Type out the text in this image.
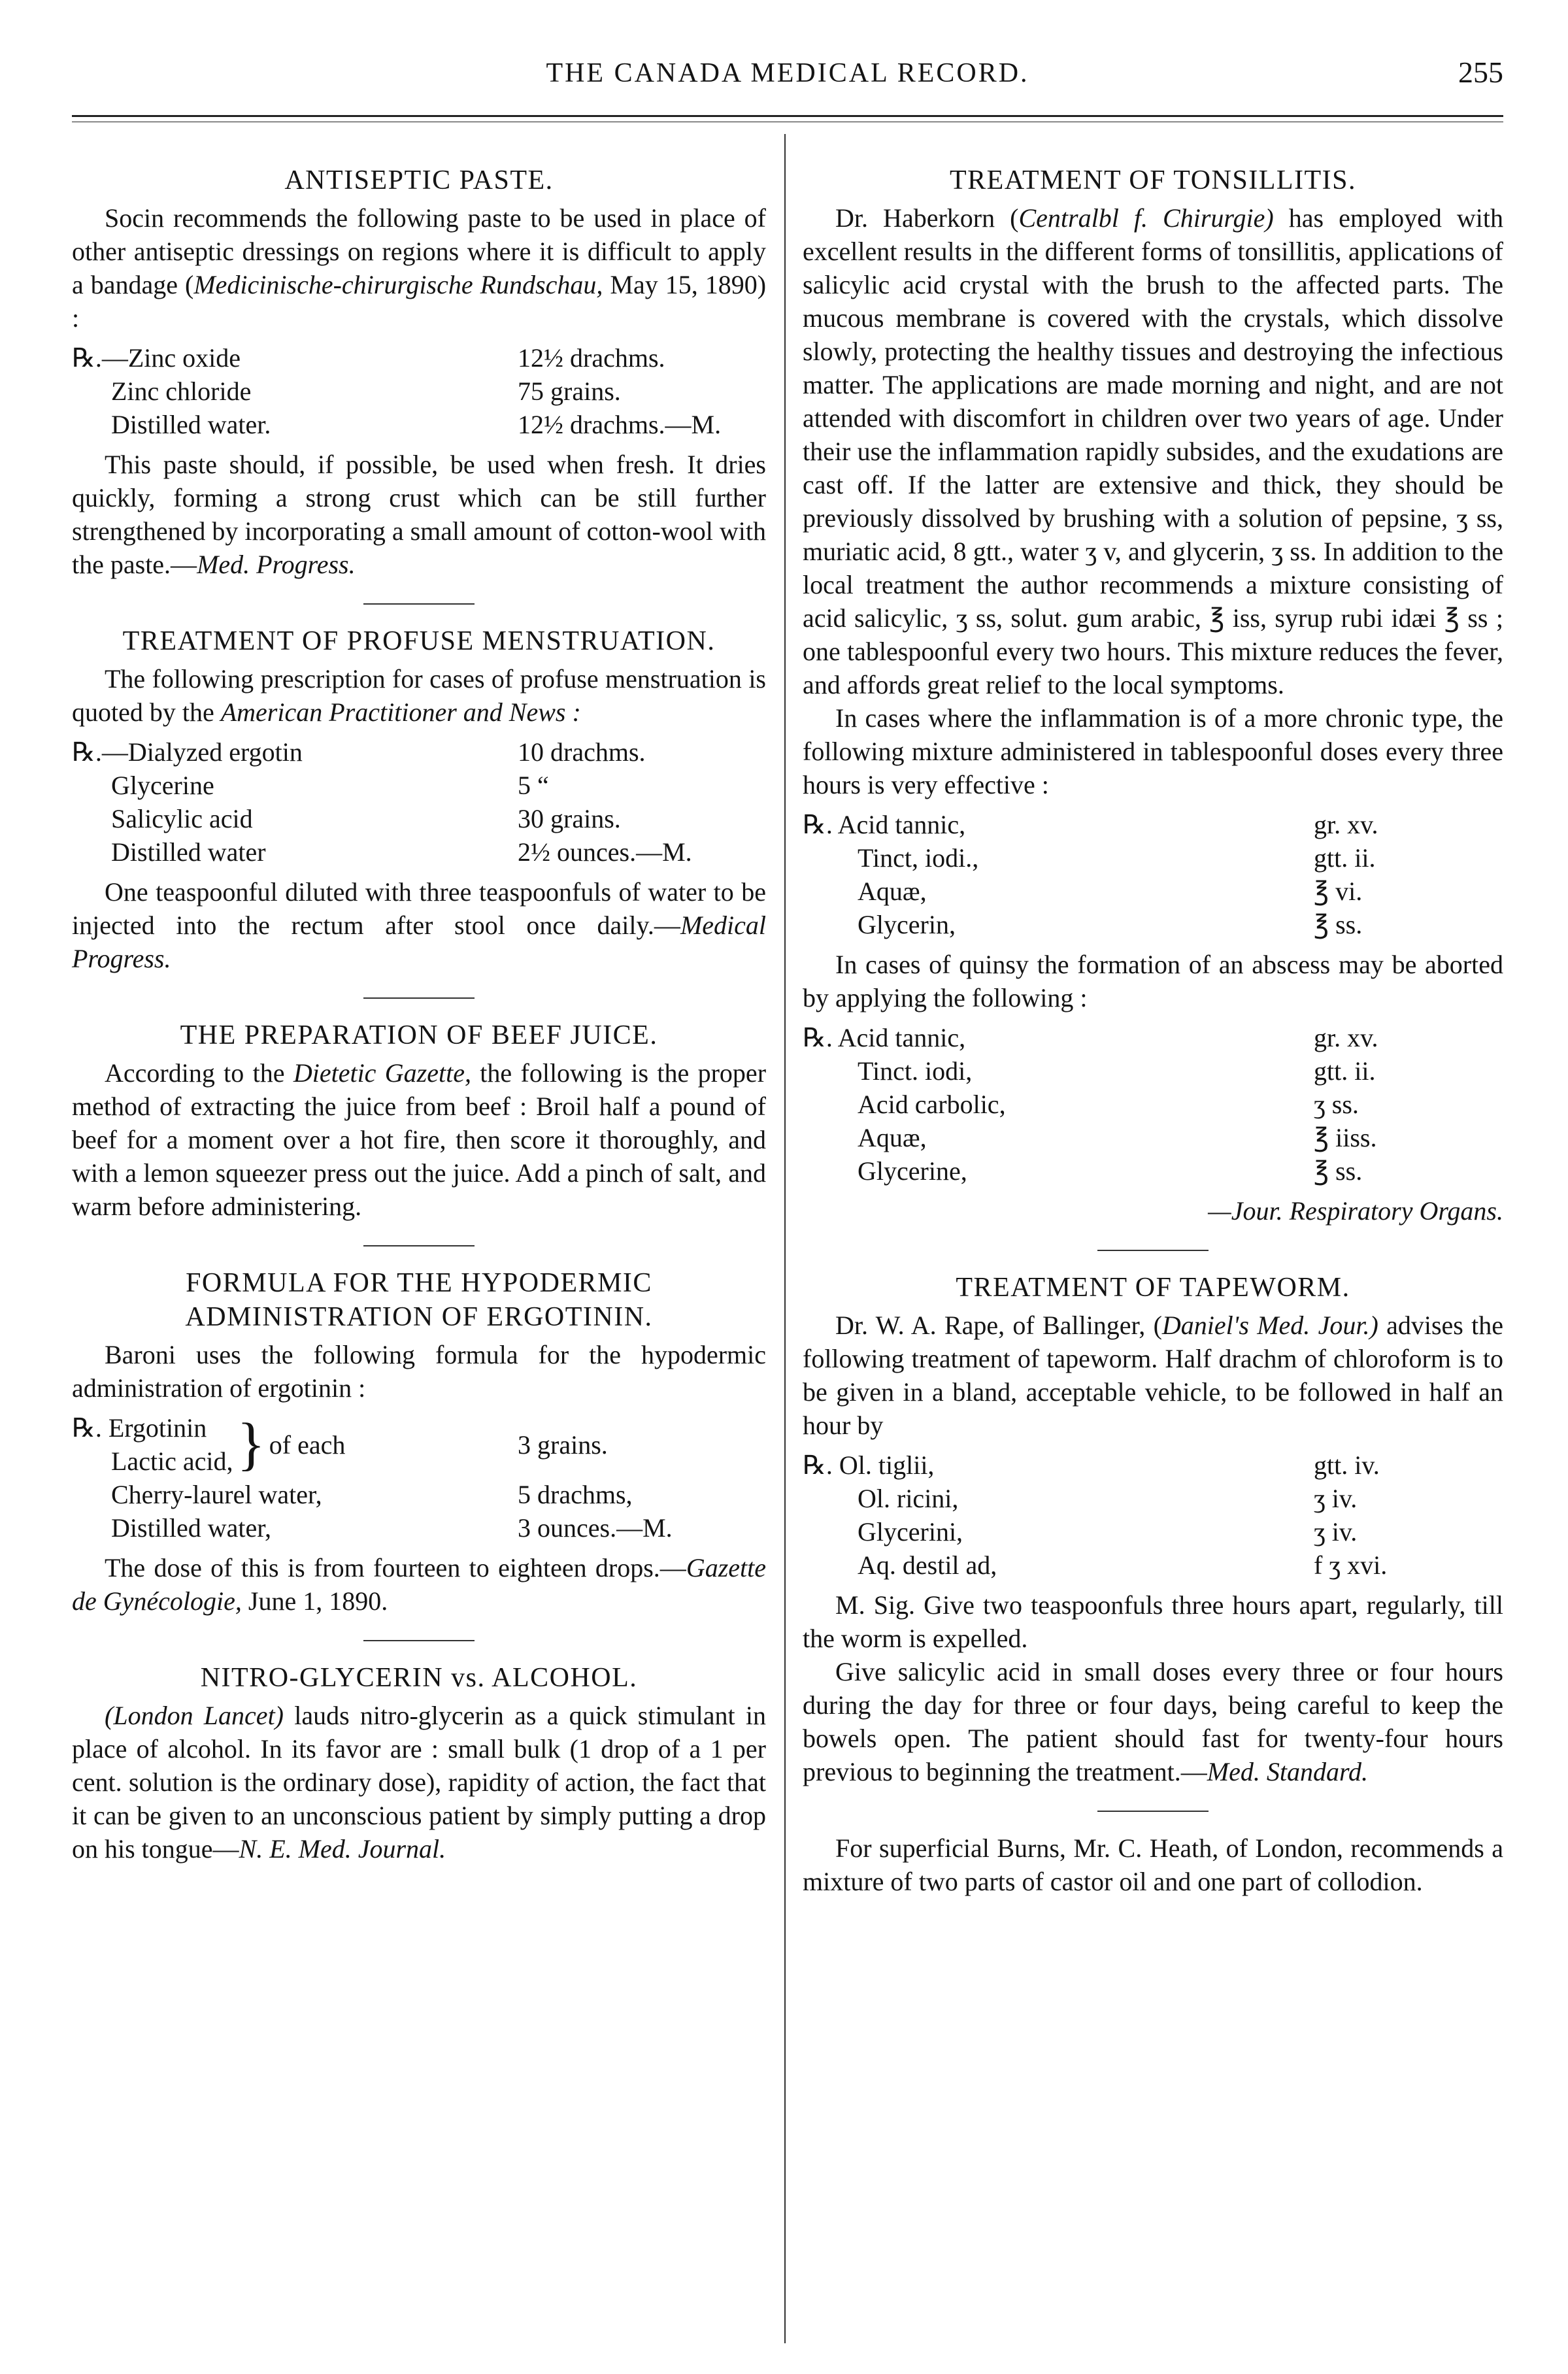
THE CANADA MEDICAL RECORD.	255
ANTISEPTIC PASTE.

Socin recommends the following paste to be used in place of other antiseptic dressings on regions where it is difficult to apply a bandage (Medicinische-chirurgische Rundschau, May 15, 1890) :

℞.—Zinc oxide	12½ drachms.
Zinc chloride	75 grains.
Distilled water.	12½ drachms.—M.

This paste should, if possible, be used when fresh. It dries quickly, forming a strong crust which can be still further strengthened by incorporating a small amount of cotton-wool with the paste.—Med. Progress.

TREATMENT OF PROFUSE MENSTRUATION.

The following prescription for cases of profuse menstruation is quoted by the American Practitioner and News :

℞.—Dialyzed ergotin	10 drachms.
Glycerine	5 “
Salicylic acid	30 grains.
Distilled water	2½ ounces.—M.

One teaspoonful diluted with three teaspoonfuls of water to be injected into the rectum after stool once daily.—Medical Progress.

THE PREPARATION OF BEEF JUICE.

According to the Dietetic Gazette, the following is the proper method of extracting the juice from beef : Broil half a pound of beef for a moment over a hot fire, then score it thoroughly, and with a lemon squeezer press out the juice. Add a pinch of salt, and warm before administering.

FORMULA FOR THE HYPODERMIC ADMINISTRATION OF ERGOTININ.

Baroni uses the following formula for the hypodermic administration of ergotinin :

℞. Ergotinin
Lactic acid, } of each	3 grains.
Cherry-laurel water,	5 drachms,
Distilled water,	3 ounces.—M.

The dose of this is from fourteen to eighteen drops.—Gazette de Gynécologie, June 1, 1890.

NITRO-GLYCERIN vs. ALCOHOL.

(London Lancet) lauds nitro-glycerin as a quick stimulant in place of alcohol. In its favor are : small bulk (1 drop of a 1 per cent. solution is the ordinary dose), rapidity of action, the fact that it can be given to an unconscious patient by simply putting a drop on his tongue—N. E. Med. Journal.

TREATMENT OF TONSILLITIS.

Dr. Haberkorn (Centralbl f. Chirurgie) has employed with excellent results in the different forms of tonsillitis, applications of salicylic acid crystal with the brush to the affected parts. The mucous membrane is covered with the crystals, which dissolve slowly, protecting the healthy tissues and destroying the infectious matter. The applications are made morning and night, and are not attended with discomfort in children over two years of age. Under their use the inflammation rapidly subsides, and the exudations are cast off. If the latter are extensive and thick, they should be previously dissolved by brushing with a solution of pepsine, ʒ ss, muriatic acid, 8 gtt., water ʒ v, and glycerin, ʒ ss. In addition to the local treatment the author recommends a mixture consisting of acid salicylic, ʒ ss, solut. gum arabic, ℥ iss, syrup rubi idæi ℥ ss ; one tablespoonful every two hours. This mixture reduces the fever, and affords great relief to the local symptoms.

In cases where the inflammation is of a more chronic type, the following mixture administered in tablespoonful doses every three hours is very effective :

℞. Acid tannic,	gr. xv.
Tinct, iodi.,	gtt. ii.
Aquæ,	℥ vi.
Glycerin,	℥ ss.

In cases of quinsy the formation of an abscess may be aborted by applying the following :

℞. Acid tannic,	gr. xv.
Tinct. iodi,	gtt. ii.
Acid carbolic,	ʒ ss.
Aquæ,	℥ iiss.
Glycerine,	℥ ss.
—Jour. Respiratory Organs.
TREATMENT OF TAPEWORM.

Dr. W. A. Rape, of Ballinger, (Daniel's Med. Jour.) advises the following treatment of tapeworm. Half drachm of chloroform is to be given in a bland, acceptable vehicle, to be followed in half an hour by

℞. Ol. tiglii,	gtt. iv.
Ol. ricini,	ʒ iv.
Glycerini,	ʒ iv.
Aq. destil ad,	f ʒ xvi.

M. Sig. Give two teaspoonfuls three hours apart, regularly, till the worm is expelled.

Give salicylic acid in small doses every three or four hours during the day for three or four days, being careful to keep the bowels open. The patient should fast for twenty-four hours previous to beginning the treatment.—Med. Standard.

For superficial Burns, Mr. C. Heath, of London, recommends a mixture of two parts of castor oil and one part of collodion.
